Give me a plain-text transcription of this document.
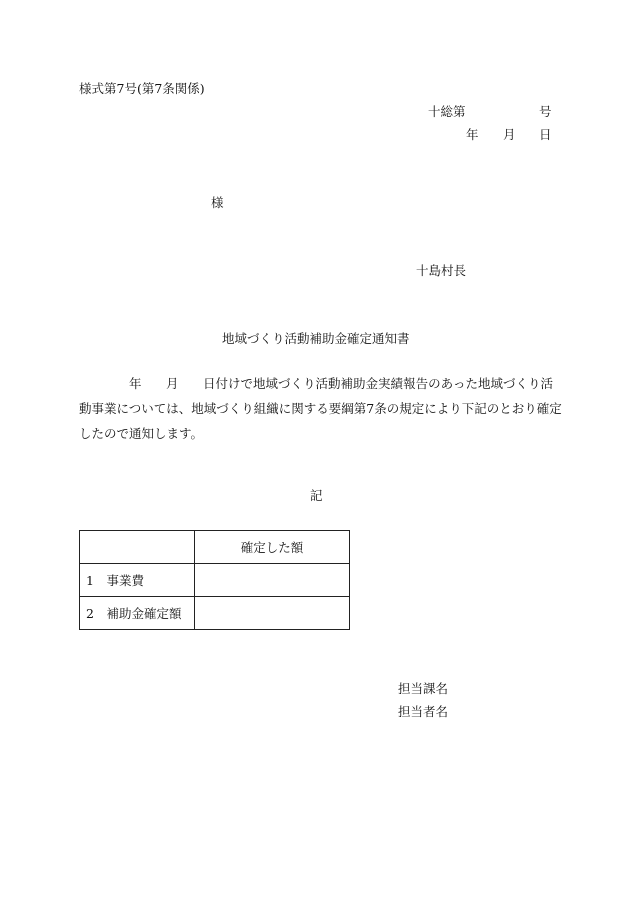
様式第7号(第7条関係)
十総第	号
年 月 日
様
十島村長
地域づくり活動補助金確定通知書
年 月 日付けで地域づくり活動補助金実績報告のあった地域づくり活
動事業については、地域づくり組織に関する要綱第7条の規定により下記のとおり確定
したので通知します。
記
	確定した額
1　事業費	
2　補助金確定額	
担当課名
担当者名
